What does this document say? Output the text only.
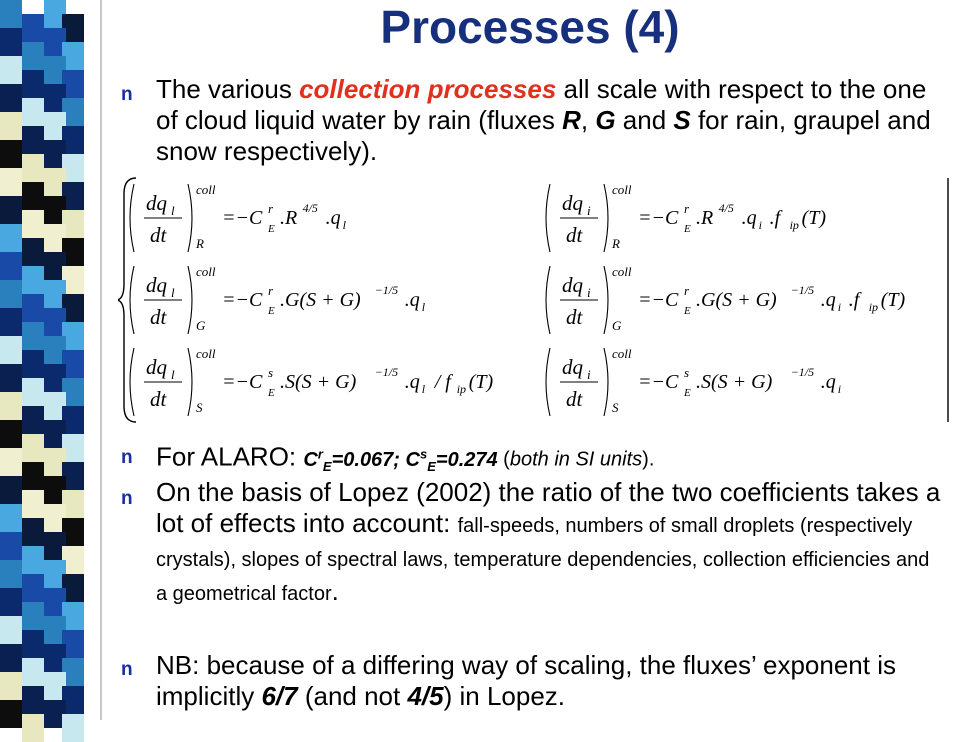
Processes (4)
n The various collection processes all scale with respect to the one of cloud liquid water by rain (fluxes R, G and S for rain, graupel and snow respectively).
dq l
dt
coll
R
=−C r
E .R 4/5 .q l
dq i
dt
coll
R
=−C r
E .R 4/5 .q i .f ip (T)
dq l
dt
coll
G
=−C r
E .G(S + G) −1/5 .q l
dq i
dt
coll
G
=−C r
E .G(S + G) −1/5 .q i .f ip (T)
dq l
dt
coll
S
=−C s
E .S(S + G) −1/5 .q l / f ip (T)
dq i
dt
coll
S
=−C s
E .S(S + G) −1/5 .q i
n For ALARO: $C^r_E=0.067$; $C^s_E=0.274$ (both in SI units).
n On the basis of Lopez (2002) the ratio of the two coefficients takes a lot of effects into account: fall-speeds, numbers of small droplets (respectively crystals), slopes of spectral laws, temperature dependencies, collection efficiencies and a geometrical factor.
n NB: because of a differing way of scaling, the fluxes’ exponent is implicitly 6/7 (and not 4/5) in Lopez.
